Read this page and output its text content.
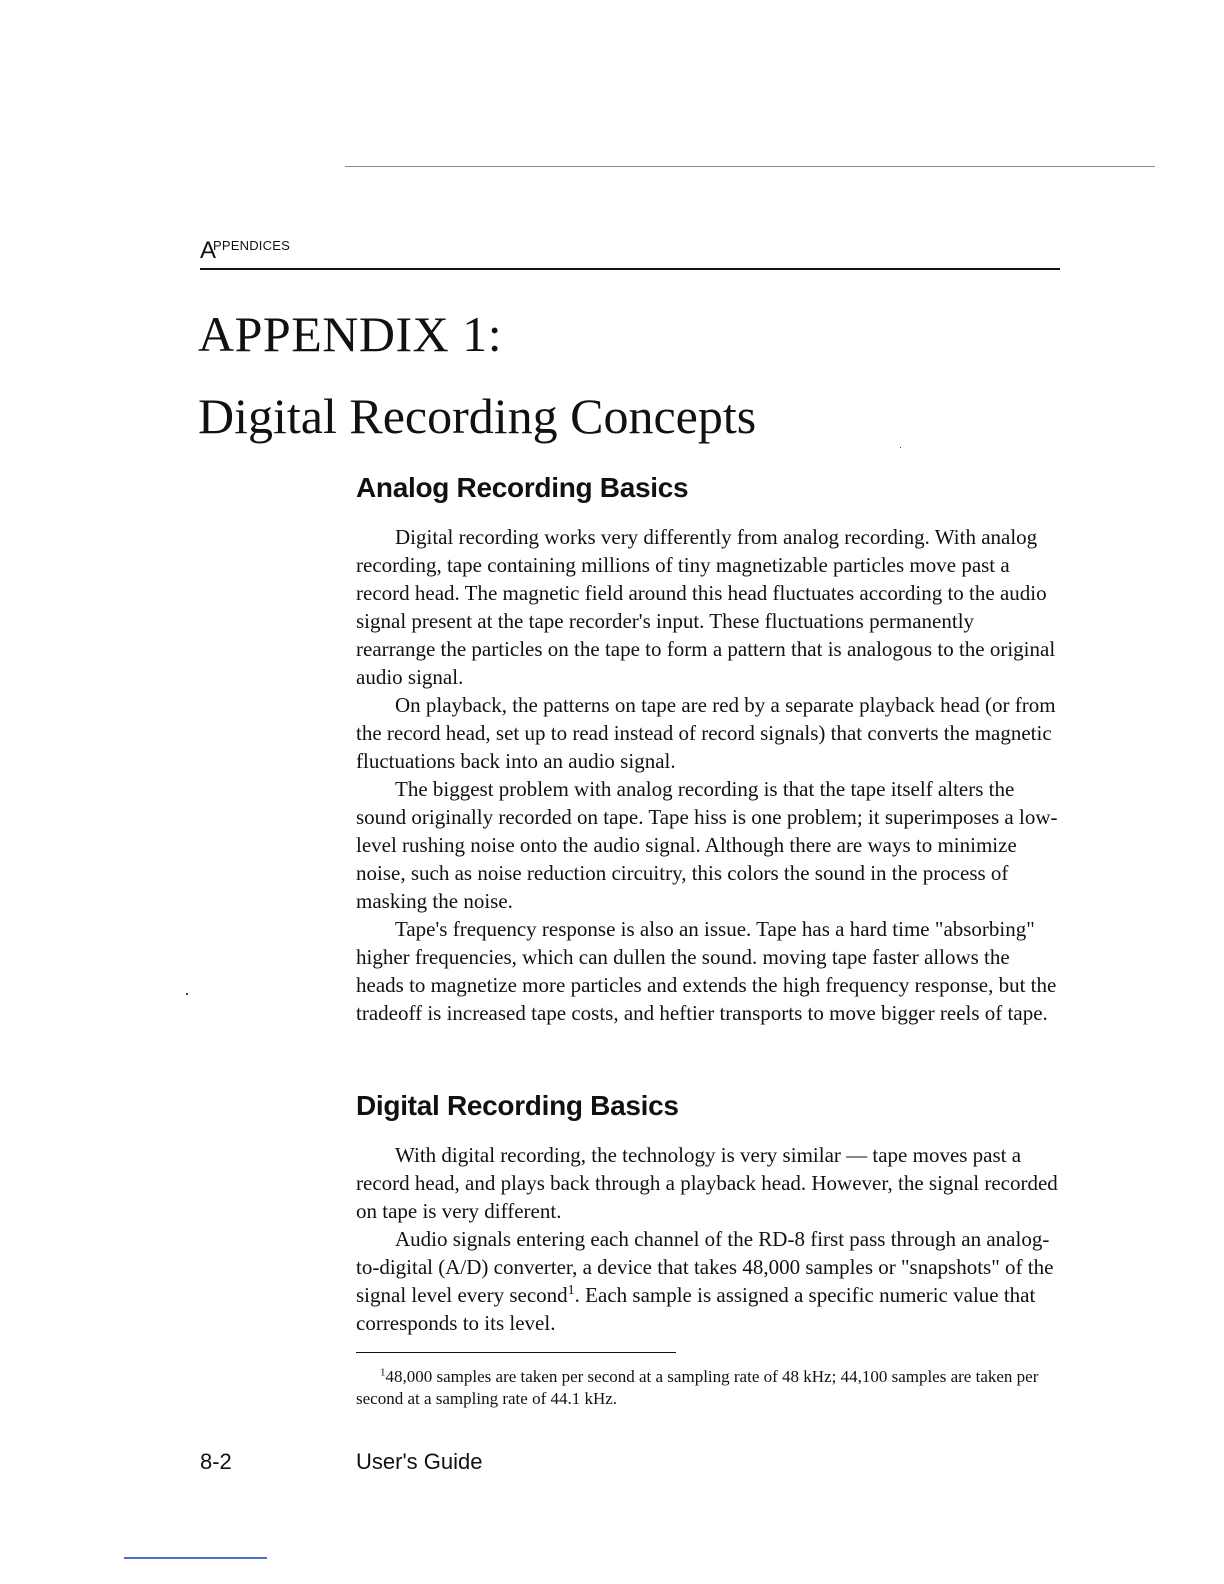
$A^{PPENDICES}$
APPENDIX 1:
Digital Recording Concepts
Analog Recording Basics

Digital recording works very differently from analog recording. With analog recording, tape containing millions of tiny magnetizable particles move past a record head. The magnetic field around this head fluctuates according to the audio signal present at the tape recorder's input. These fluctuations permanently rearrange the particles on the tape to form a pattern that is analogous to the original audio signal.

On playback, the patterns on tape are red by a separate playback head (or from the record head, set up to read instead of record signals) that converts the magnetic fluctuations back into an audio signal.

The biggest problem with analog recording is that the tape itself alters the sound originally recorded on tape. Tape hiss is one problem; it superimposes a low-level rushing noise onto the audio signal. Although there are ways to minimize noise, such as noise reduction circuitry, this colors the sound in the process of masking the noise.

Tape's frequency response is also an issue. Tape has a hard time "absorbing" higher frequencies, which can dullen the sound. moving tape faster allows the heads to magnetize more particles and extends the high frequency response, but the tradeoff is increased tape costs, and heftier transports to move bigger reels of tape.

Digital Recording Basics

With digital recording, the technology is very similar — tape moves past a record head, and plays back through a playback head. However, the signal recorded on tape is very different.

Audio signals entering each channel of the RD-8 first pass through an analog-to-digital (A/D) converter, a device that takes 48,000 samples or "snapshots" of the signal level every second$^1$. Each sample is assigned a specific numeric value that corresponds to its level.

$^1$48,000 samples are taken per second at a sampling rate of 48 kHz; 44,100 samples are taken per second at a sampling rate of 44.1 kHz.
8-2	User's Guide
